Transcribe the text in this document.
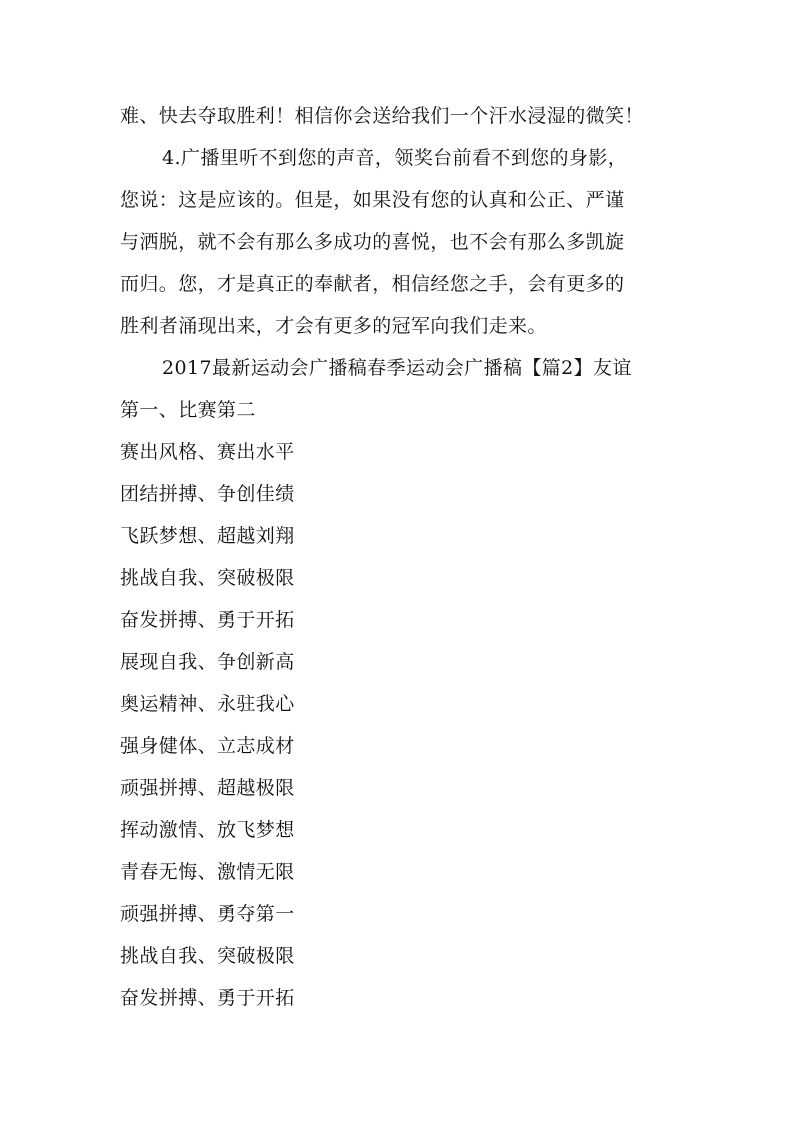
难、快去夺取胜利！相信你会送给我们一个汗水浸湿的微笑！
4.广播里听不到您的声音，领奖台前看不到您的身影，
您说：这是应该的。但是，如果没有您的认真和公正、严谨
与洒脱，就不会有那么多成功的喜悦，也不会有那么多凯旋
而归。您，才是真正的奉献者，相信经您之手，会有更多的
胜利者涌现出来，才会有更多的冠军向我们走来。
2017最新运动会广播稿春季运动会广播稿【篇2】友谊
第一、比赛第二
赛出风格、赛出水平
团结拼搏、争创佳绩
飞跃梦想、超越刘翔
挑战自我、突破极限
奋发拼搏、勇于开拓
展现自我、争创新高
奥运精神、永驻我心
强身健体、立志成材
顽强拼搏、超越极限
挥动激情、放飞梦想
青春无悔、激情无限
顽强拼搏、勇夺第一
挑战自我、突破极限
奋发拼搏、勇于开拓
